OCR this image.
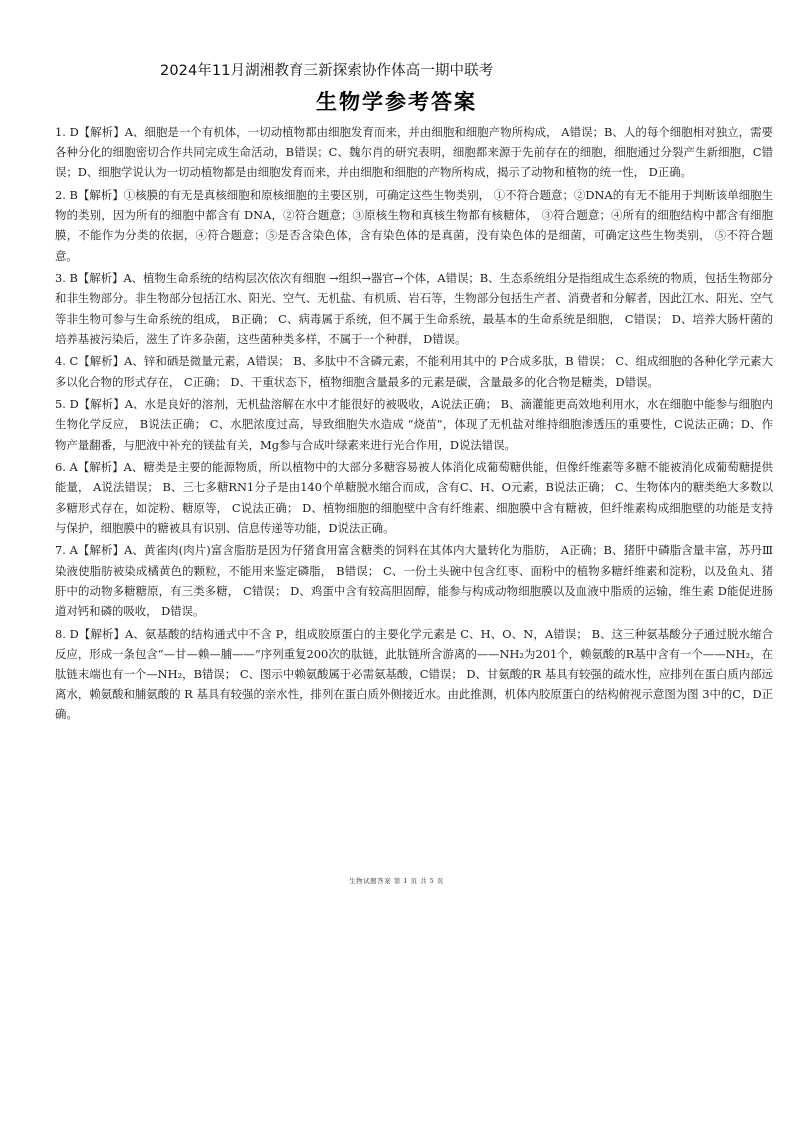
2024年11月湖湘教育三新探索协作体高一期中联考
生物学参考答案

1. D【解析】A、细胞是一个有机体，一切动植物都由细胞发育而来，并由细胞和细胞产物所构成， A错误；B、人的每个细胞相对独立，需要各种分化的细胞密切合作共同完成生命活动，B错误；C、魏尔肖的研究表明，细胞都来源于先前存在的细胞，细胞通过分裂产生新细胞，C错误；D、细胞学说认为一切动植物都是由细胞发育而来，并由细胞和细胞的产物所构成，揭示了动物和植物的统一性， D正确。

2. B【解析】①核膜的有无是真核细胞和原核细胞的主要区别，可确定这些生物类别， ①不符合题意；②DNA的有无不能用于判断该单细胞生物的类别，因为所有的细胞中都含有 DNA，②符合题意；③原核生物和真核生物都有核糖体， ③符合题意；④所有的细胞结构中都含有细胞膜，不能作为分类的依据，④符合题意；⑤是否含染色体，含有染色体的是真菌，没有染色体的是细菌，可确定这些生物类别， ⑤不符合题意。

3. B【解析】A、植物生命系统的结构层次依次有细胞 →组织→器官→个体，A错误；B、生态系统组分是指组成生态系统的物质，包括生物部分和非生物部分。非生物部分包括江水、阳光、空气、无机盐、有机质、岩石等，生物部分包括生产者、消费者和分解者，因此江水、阳光、空气等非生物可参与生命系统的组成， B正确； C、病毒属于系统，但不属于生命系统，最基本的生命系统是细胞， C错误； D、培养大肠杆菌的培养基被污染后，滋生了许多杂菌，这些菌种类多样，不属于一个种群， D错误。

4. C【解析】A、锌和硒是微量元素，A错误； B、多肽中不含磷元素，不能利用其中的 P合成多肽，B 错误； C、组成细胞的各种化学元素大多以化合物的形式存在， C正确； D、干重状态下，植物细胞含量最多的元素是碳，含量最多的化合物是糖类，D错误。

5. D【解析】A、水是良好的溶剂，无机盐溶解在水中才能很好的被吸收，A说法正确； B、滴灌能更高效地利用水，水在细胞中能参与细胞内生物化学反应， B说法正确； C、水肥浓度过高，导致细胞失水造成 “烧苗”，体现了无机盐对维持细胞渗透压的重要性，C说法正确；D、作物产量翻番，与肥液中补充的镁盐有关，Mg参与合成叶绿素来进行光合作用，D说法错误。

6. A【解析】A、糖类是主要的能源物质，所以植物中的大部分多糖容易被人体消化成葡萄糖供能，但像纤维素等多糖不能被消化成葡萄糖提供能量， A说法错误； B、三七多糖RN1分子是由140个单糖脱水缩合而成，含有C、H、O元素，B说法正确； C、生物体内的糖类绝大多数以多糖形式存在，如淀粉、糖原等， C说法正确； D、植物细胞的细胞壁中含有纤维素、细胞膜中含有糖被，但纤维素构成细胞壁的功能是支持与保护，细胞膜中的糖被具有识别、信息传递等功能，D说法正确。

7. A【解析】A、黄雀肉(肉片)富含脂肪是因为仔猪食用富含糖类的饲料在其体内大量转化为脂肪， A正确；B、猪肝中磷脂含量丰富，苏丹Ⅲ染液使脂肪被染成橘黄色的颗粒，不能用来鉴定磷脂， B错误； C、一份土头碗中包含红枣、面粉中的植物多糖纤维素和淀粉，以及鱼丸、猪肝中的动物多糖糖原，有三类多糖， C错误； D、鸡蛋中含有较高胆固醇，能参与构成动物细胞膜以及血液中脂质的运输，维生素 D能促进肠道对钙和磷的吸收， D错误。

8. D【解析】A、氨基酸的结构通式中不含 P，组成胶原蛋白的主要化学元素是 C、H、O、N，A错误； B、这三种氨基酸分子通过脱水缩合反应，形成一条包含“—甘—赖—脯——”序列重复200次的肽链，此肽链所含游离的——NH₂为201个，赖氨酸的R基中含有一个——NH₂，在肽链末端也有一个—NH₂，B错误； C、图示中赖氨酸属于必需氨基酸，C错误； D、甘氨酸的R 基具有较强的疏水性，应排列在蛋白质内部远离水，赖氨酸和脯氨酸的 R 基具有较强的亲水性，排列在蛋白质外侧接近水。由此推测，机体内胶原蛋白的结构俯视示意图为图 3中的C，D正确。

生物试题答案 第 1 页 共 5 页
